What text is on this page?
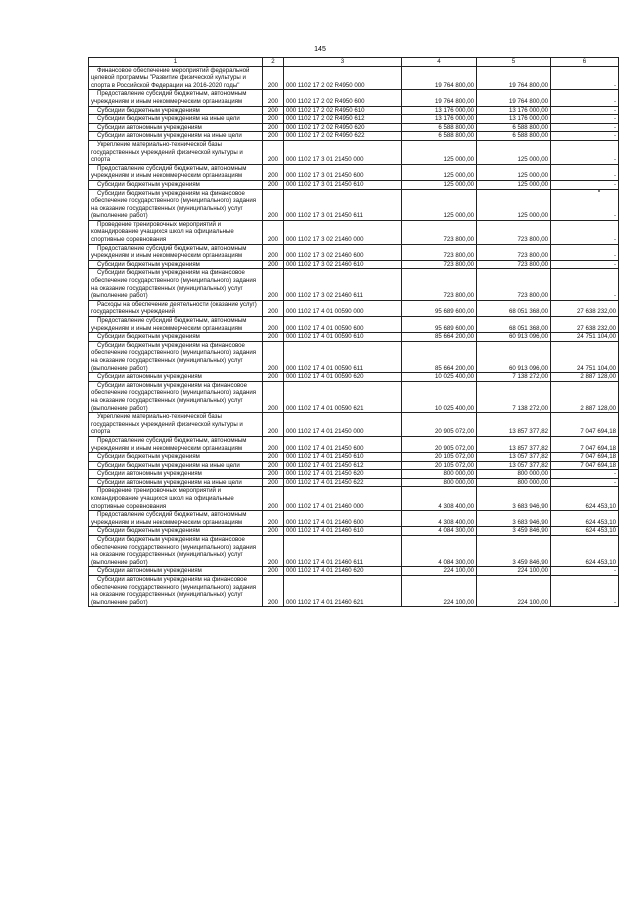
145
1	2	3	4	5	6
Финансовое обеспечение мероприятий федеральной целевой программы "Развитие физической культуры и спорта в Российской Федерации на 2016-2020 годы"	200	000 1102 17 2 02 R4950 000	19 764 800,00	19 764 800,00	-
Предоставление субсидий бюджетным, автономным учреждениям и иным некоммерческим организациям	200	000 1102 17 2 02 R4950 600	19 764 800,00	19 764 800,00	-
Субсидии бюджетным учреждениям	200	000 1102 17 2 02 R4950 610	13 176 000,00	13 176 000,00	-
Субсидии бюджетным учреждениям на иные цели	200	000 1102 17 2 02 R4950 612	13 176 000,00	13 176 000,00	-
Субсидии автономным учреждениям	200	000 1102 17 2 02 R4950 620	6 588 800,00	6 588 800,00	-
Субсидии автономным учреждениям на иные цели	200	000 1102 17 2 02 R4950 622	6 588 800,00	6 588 800,00	-
Укрепление материально-технической базы государственных учреждений физической культуры и спорта	200	000 1102 17 3 01 21450 000	125 000,00	125 000,00	-
Предоставление субсидий бюджетным, автономным учреждениям и иным некоммерческим организациям	200	000 1102 17 3 01 21450 600	125 000,00	125 000,00	-
Субсидии бюджетным учреждениям	200	000 1102 17 3 01 21450 610	125 000,00	125 000,00	-
Субсидии бюджетным учреждениям на финансовое обеспечение государственного (муниципального) задания на оказание государственных (муниципальных) услуг (выполнение работ)	200	000 1102 17 3 01 21450 611	125 000,00	125 000,00	-
Проведение тренировочных мероприятий и командирование учащихся школ на официальные спортивные соревнования	200	000 1102 17 3 02 21460 000	723 800,00	723 800,00	-
Предоставление субсидий бюджетным, автономным учреждениям и иным некоммерческим организациям	200	000 1102 17 3 02 21460 600	723 800,00	723 800,00	-
Субсидии бюджетным учреждениям	200	000 1102 17 3 02 21460 610	723 800,00	723 800,00	-
Субсидии бюджетным учреждениям на финансовое обеспечение государственного (муниципального) задания на оказание государственных (муниципальных) услуг (выполнение работ)	200	000 1102 17 3 02 21460 611	723 800,00	723 800,00	-
Расходы на обеспечение деятельности (оказание услуг) государственных учреждений	200	000 1102 17 4 01 00590 000	95 689 600,00	68 051 368,00	27 638 232,00
Предоставление субсидий бюджетным, автономным учреждениям и иным некоммерческим организациям	200	000 1102 17 4 01 00590 600	95 689 600,00	68 051 368,00	27 638 232,00
Субсидии бюджетным учреждениям	200	000 1102 17 4 01 00590 610	85 664 200,00	60 913 096,00	24 751 104,00
Субсидии бюджетным учреждениям на финансовое обеспечение государственного (муниципального) задания на оказание государственных (муниципальных) услуг (выполнение работ)	200	000 1102 17 4 01 00590 611	85 664 200,00	60 913 096,00	24 751 104,00
Субсидии автономным учреждениям	200	000 1102 17 4 01 00590 620	10 025 400,00	7 138 272,00	2 887 128,00
Субсидии автономным учреждениям на финансовое обеспечение государственного (муниципального) задания на оказание государственных (муниципальных) услуг (выполнение работ)	200	000 1102 17 4 01 00590 621	10 025 400,00	7 138 272,00	2 887 128,00
Укрепление материально-технической базы государственных учреждений физической культуры и спорта	200	000 1102 17 4 01 21450 000	20 905 072,00	13 857 377,82	7 047 694,18
Предоставление субсидий бюджетным, автономным учреждениям и иным некоммерческим организациям	200	000 1102 17 4 01 21450 600	20 905 072,00	13 857 377,82	7 047 694,18
Субсидии бюджетным учреждениям	200	000 1102 17 4 01 21450 610	20 105 072,00	13 057 377,82	7 047 694,18
Субсидии бюджетным учреждениям на иные цели	200	000 1102 17 4 01 21450 612	20 105 072,00	13 057 377,82	7 047 694,18
Субсидии автономным учреждениям	200	000 1102 17 4 01 21450 620	800 000,00	800 000,00	-
Субсидии автономным учреждениям на иные цели	200	000 1102 17 4 01 21450 622	800 000,00	800 000,00	-
Проведение тренировочных мероприятий и командирование учащихся школ на официальные спортивные соревнования	200	000 1102 17 4 01 21460 000	4 308 400,00	3 683 946,90	624 453,10
Предоставление субсидий бюджетным, автономным учреждениям и иным некоммерческим организациям	200	000 1102 17 4 01 21460 600	4 308 400,00	3 683 946,90	624 453,10
Субсидии бюджетным учреждениям	200	000 1102 17 4 01 21460 610	4 084 300,00	3 459 846,90	624 453,10
Субсидии бюджетным учреждениям на финансовое обеспечение государственного (муниципального) задания на оказание государственных (муниципальных) услуг (выполнение работ)	200	000 1102 17 4 01 21460 611	4 084 300,00	3 459 846,90	624 453,10
Субсидии автономным учреждениям	200	000 1102 17 4 01 21460 620	224 100,00	224 100,00	-
Субсидии автономным учреждениям на финансовое обеспечение государственного (муниципального) задания на оказание государственных (муниципальных) услуг (выполнение работ)	200	000 1102 17 4 01 21460 621	224 100,00	224 100,00	-
